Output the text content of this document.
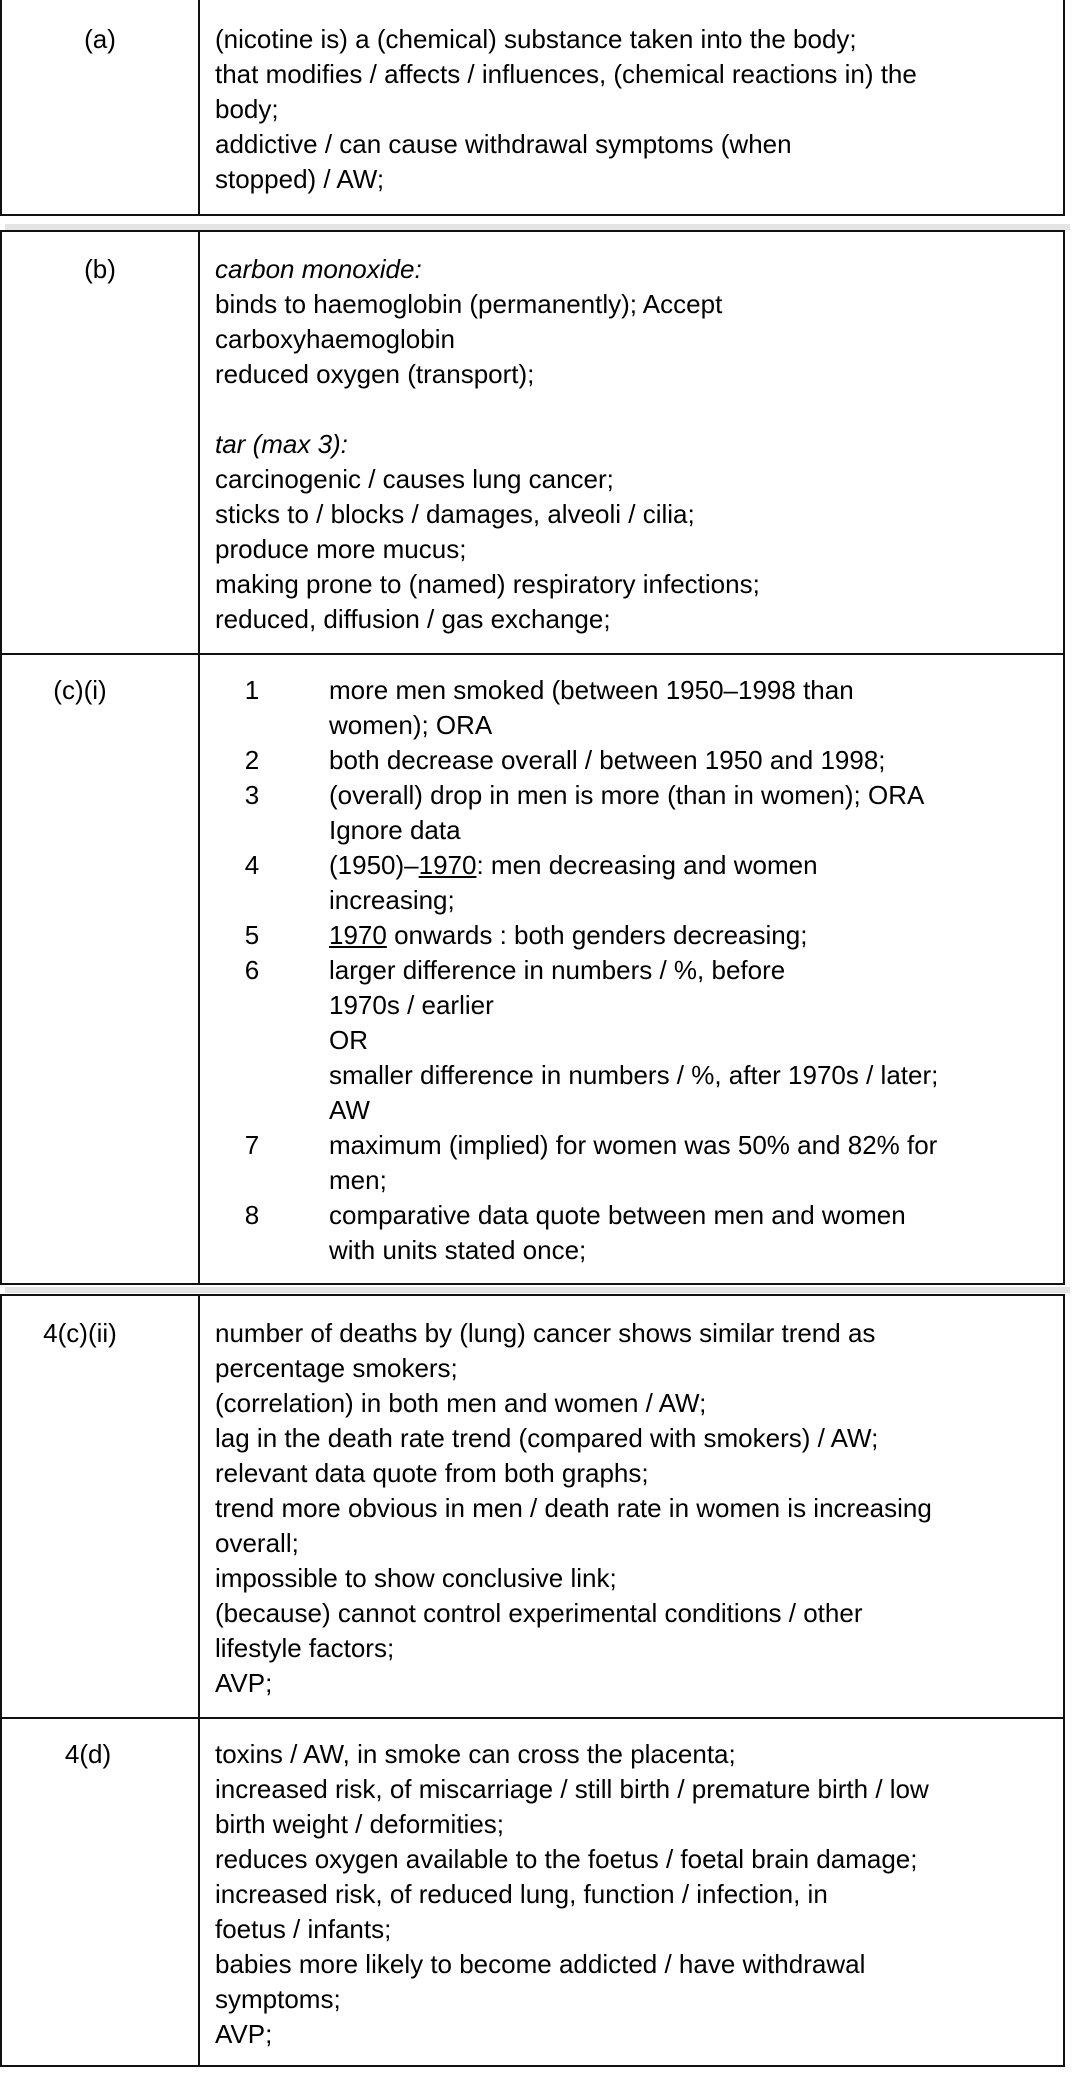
(a)	(nicotine is) a (chemical) substance taken into the body;
that modifies / affects / influences, (chemical reactions in) the
body;
addictive / can cause withdrawal symptoms (when
stopped) / AW;
(b)	carbon monoxide:
binds to haemoglobin (permanently); Accept
carboxyhaemoglobin
reduced oxygen (transport);
tar (max 3):
carcinogenic / causes lung cancer;
sticks to / blocks / damages, alveoli / cilia;
produce more mucus;
making prone to (named) respiratory infections;
reduced, diffusion / gas exchange;
(c)(i)	1	more men smoked (between 1950–1998 than
women); ORA
2	both decrease overall / between 1950 and 1998;
3	(overall) drop in men is more (than in women); ORA
Ignore data
4	(1950)–1970: men decreasing and women
increasing;
5	1970 onwards : both genders decreasing;
6	larger difference in numbers / %, before
1970s / earlier
OR
smaller difference in numbers / %, after 1970s / later;
AW
7	maximum (implied) for women was 50% and 82% for
men;
8	comparative data quote between men and women
with units stated once;
4(c)(ii)	number of deaths by (lung) cancer shows similar trend as
percentage smokers;
(correlation) in both men and women / AW;
lag in the death rate trend (compared with smokers) / AW;
relevant data quote from both graphs;
trend more obvious in men / death rate in women is increasing
overall;
impossible to show conclusive link;
(because) cannot control experimental conditions / other
lifestyle factors;
AVP;
4(d)	toxins / AW, in smoke can cross the placenta;
increased risk, of miscarriage / still birth / premature birth / low
birth weight / deformities;
reduces oxygen available to the foetus / foetal brain damage;
increased risk, of reduced lung, function / infection, in
foetus / infants;
babies more likely to become addicted / have withdrawal
symptoms;
AVP;
